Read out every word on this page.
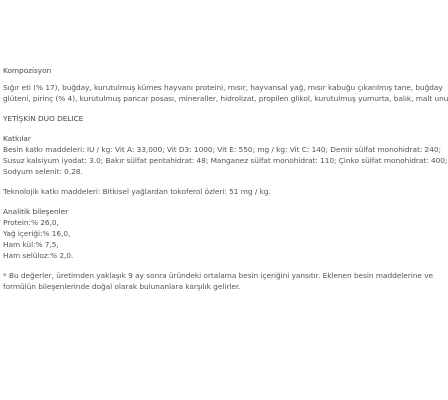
Kompozisyon
Sığır eti (% 17), buğday, kurutulmuş kümes hayvanı proteini, mısır, hayvansal yağ, mısır kabuğu çıkarılmış tane, buğday
glüteni, pirinç (% 4), kurutulmuş pancar posası, mineraller, hidrolizat, propilen glikol, kurutulmuş yumurta, balık, malt unu
YETİŞKİN DUO DELICE
Katkılar
Besin katkı maddeleri: IU / kg: Vit A: 33,000; Vit D3: 1000; Vit E: 550; mg / kg: Vit C: 140; Demir sülfat monohidrat: 240;
Susuz kalsiyum iyodat: 3.0; Bakır sülfat pentahidrat: 48; Manganez sülfat monohidrat: 110; Çinko sülfat monohidrat: 400;
Sodyum selenit: 0.28.
Teknolojik katkı maddeleri: Bitkisel yağlardan tokoferol özleri: 51 mg / kg.
Analitik bileşenler
Protein:% 26,0,
Yağ içeriği:% 16,0,
Ham kül:% 7,5,
Ham selüloz:% 2,0.
* Bu değerler, üretimden yaklaşık 9 ay sonra üründeki ortalama besin içeriğini yansıtır. Eklenen besin maddelerine ve
formülün bileşenlerinde doğal olarak bulunanlara karşılık gelirler.
